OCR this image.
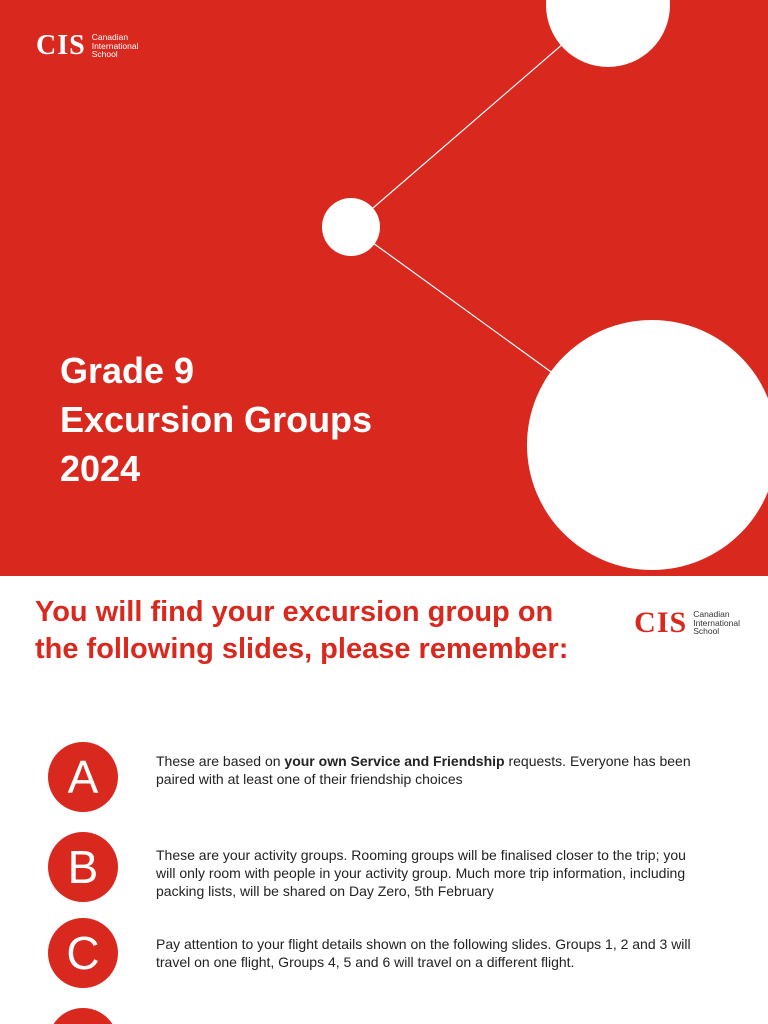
CIS Canadian
International
School
Grade 9
Excursion Groups
2024
You will find your excursion group on the following slides, please remember:
CIS Canadian
International
School
A	These are based on your own Service and Friendship requests. Everyone has been paired with at least one of their friendship choices
B	These are your activity groups. Rooming groups will be finalised closer to the trip; you will only room with people in your activity group. Much more trip information, including packing lists, will be shared on Day Zero, 5th February
C	Pay attention to your flight details shown on the following slides. Groups 1, 2 and 3 will travel on one flight, Groups 4, 5 and 6 will travel on a different flight.
